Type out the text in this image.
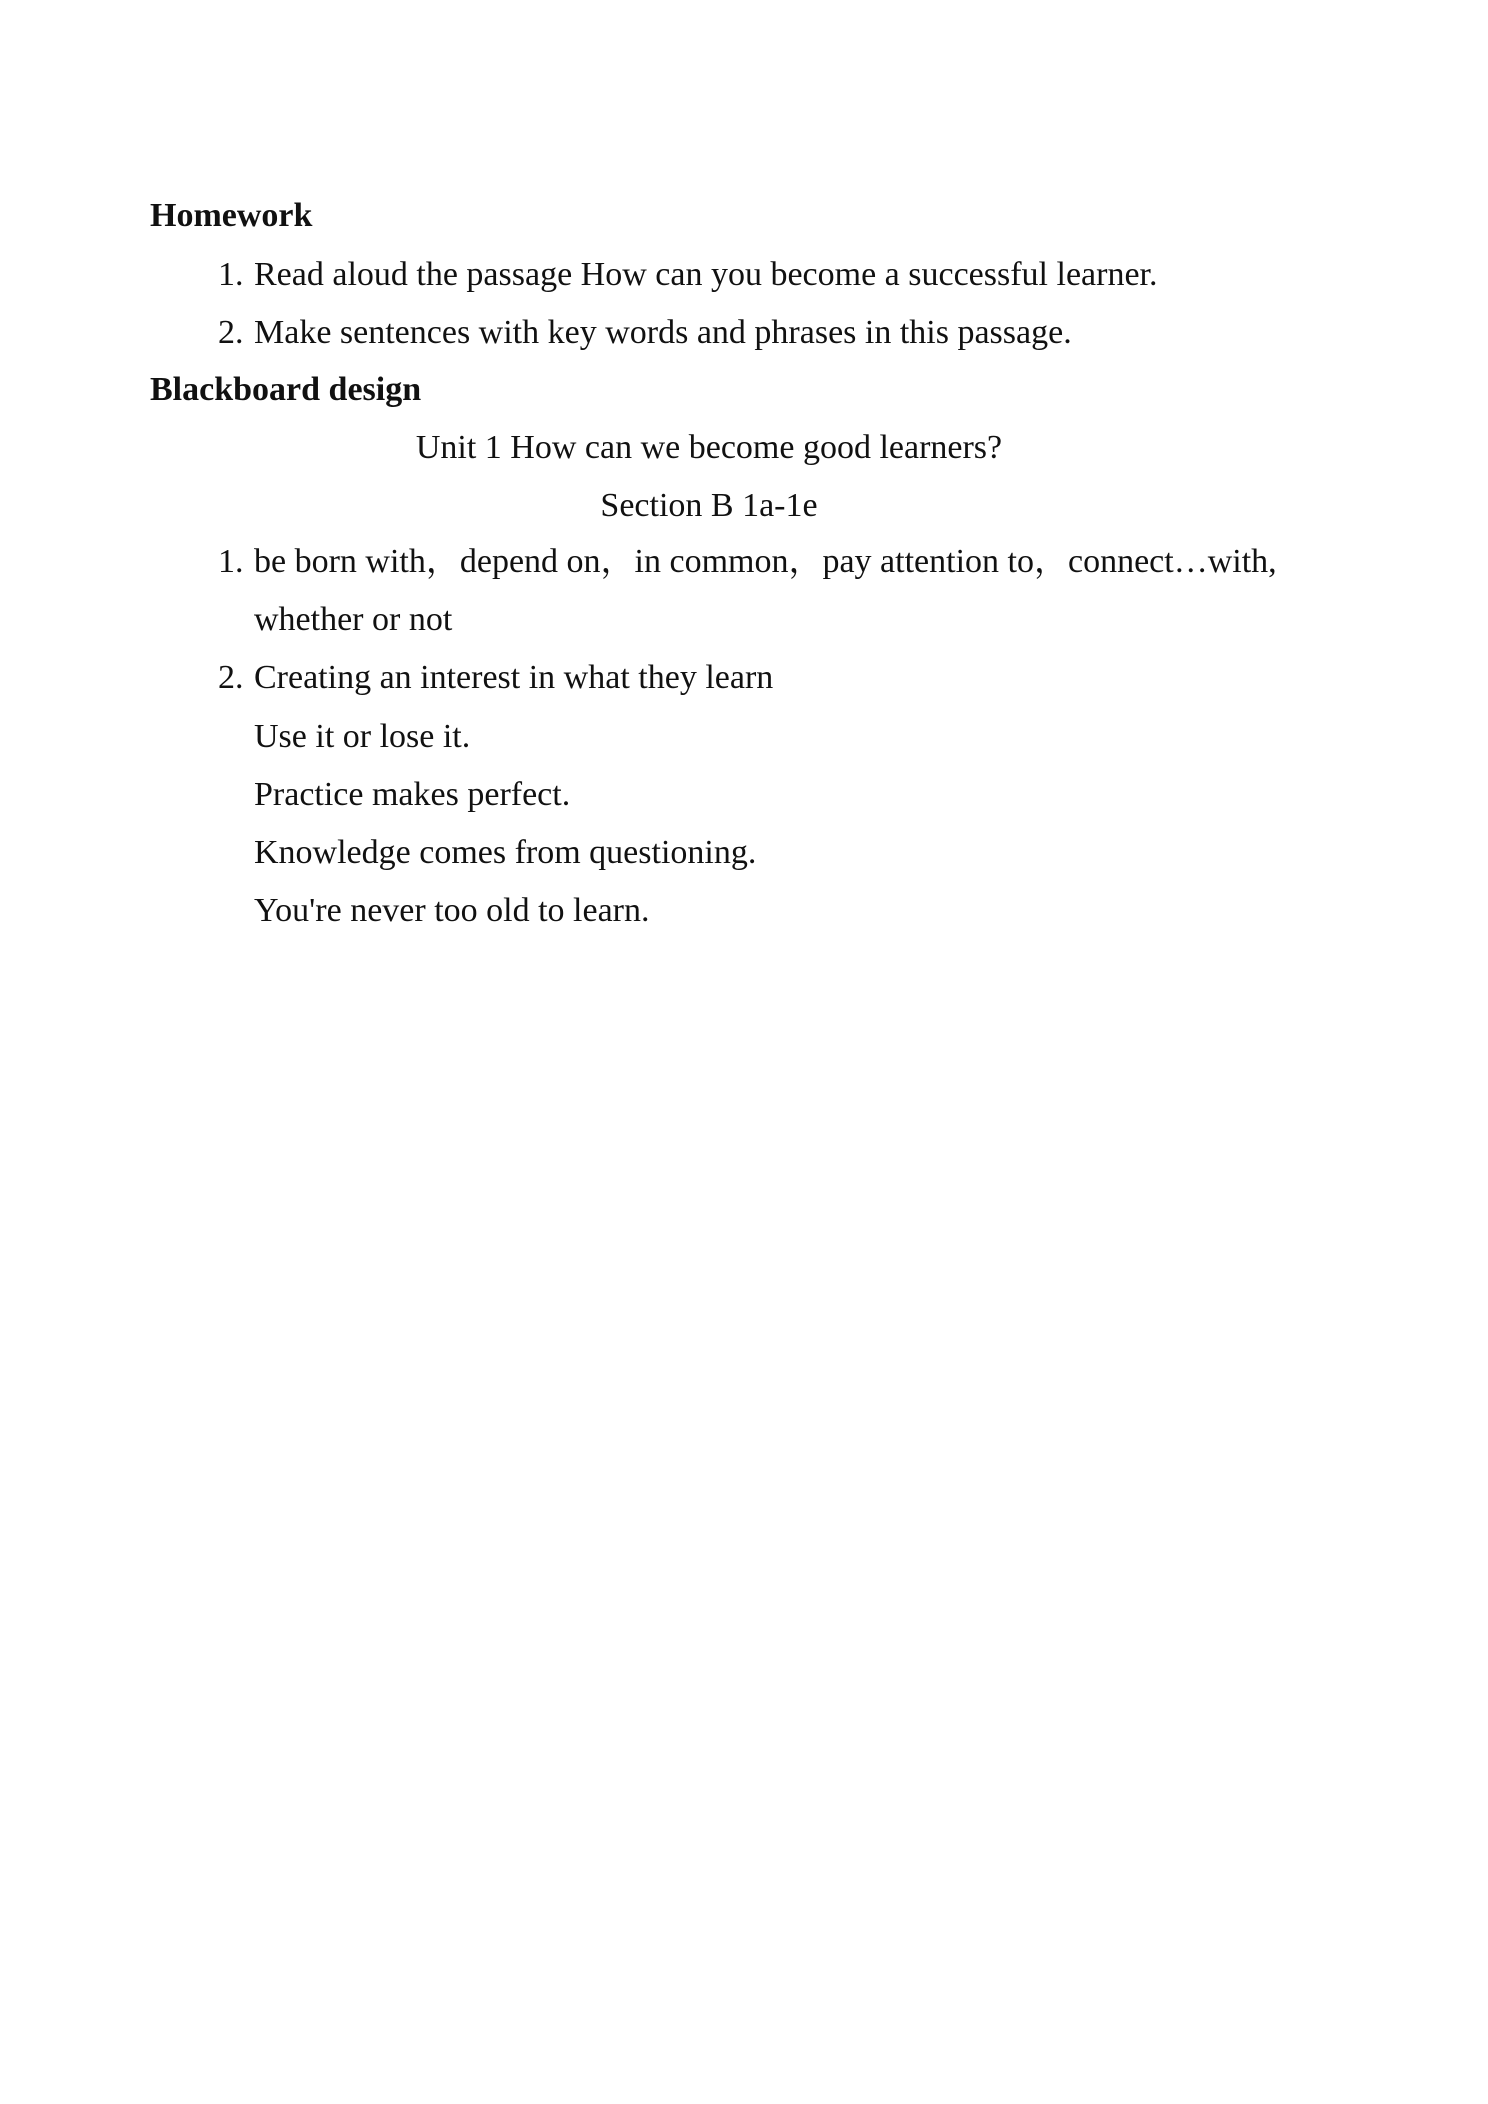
Homework
1. Read aloud the passage How can you become a successful learner.
2. Make sentences with key words and phrases in this passage.
Blackboard design
Unit 1 How can we become good learners?
Section B 1a-1e
1. be born with，depend on，in common，pay attention to，connect…with, whether or not
2. Creating an interest in what they learn
Use it or lose it.
Practice makes perfect.
Knowledge comes from questioning.
You're never too old to learn.
